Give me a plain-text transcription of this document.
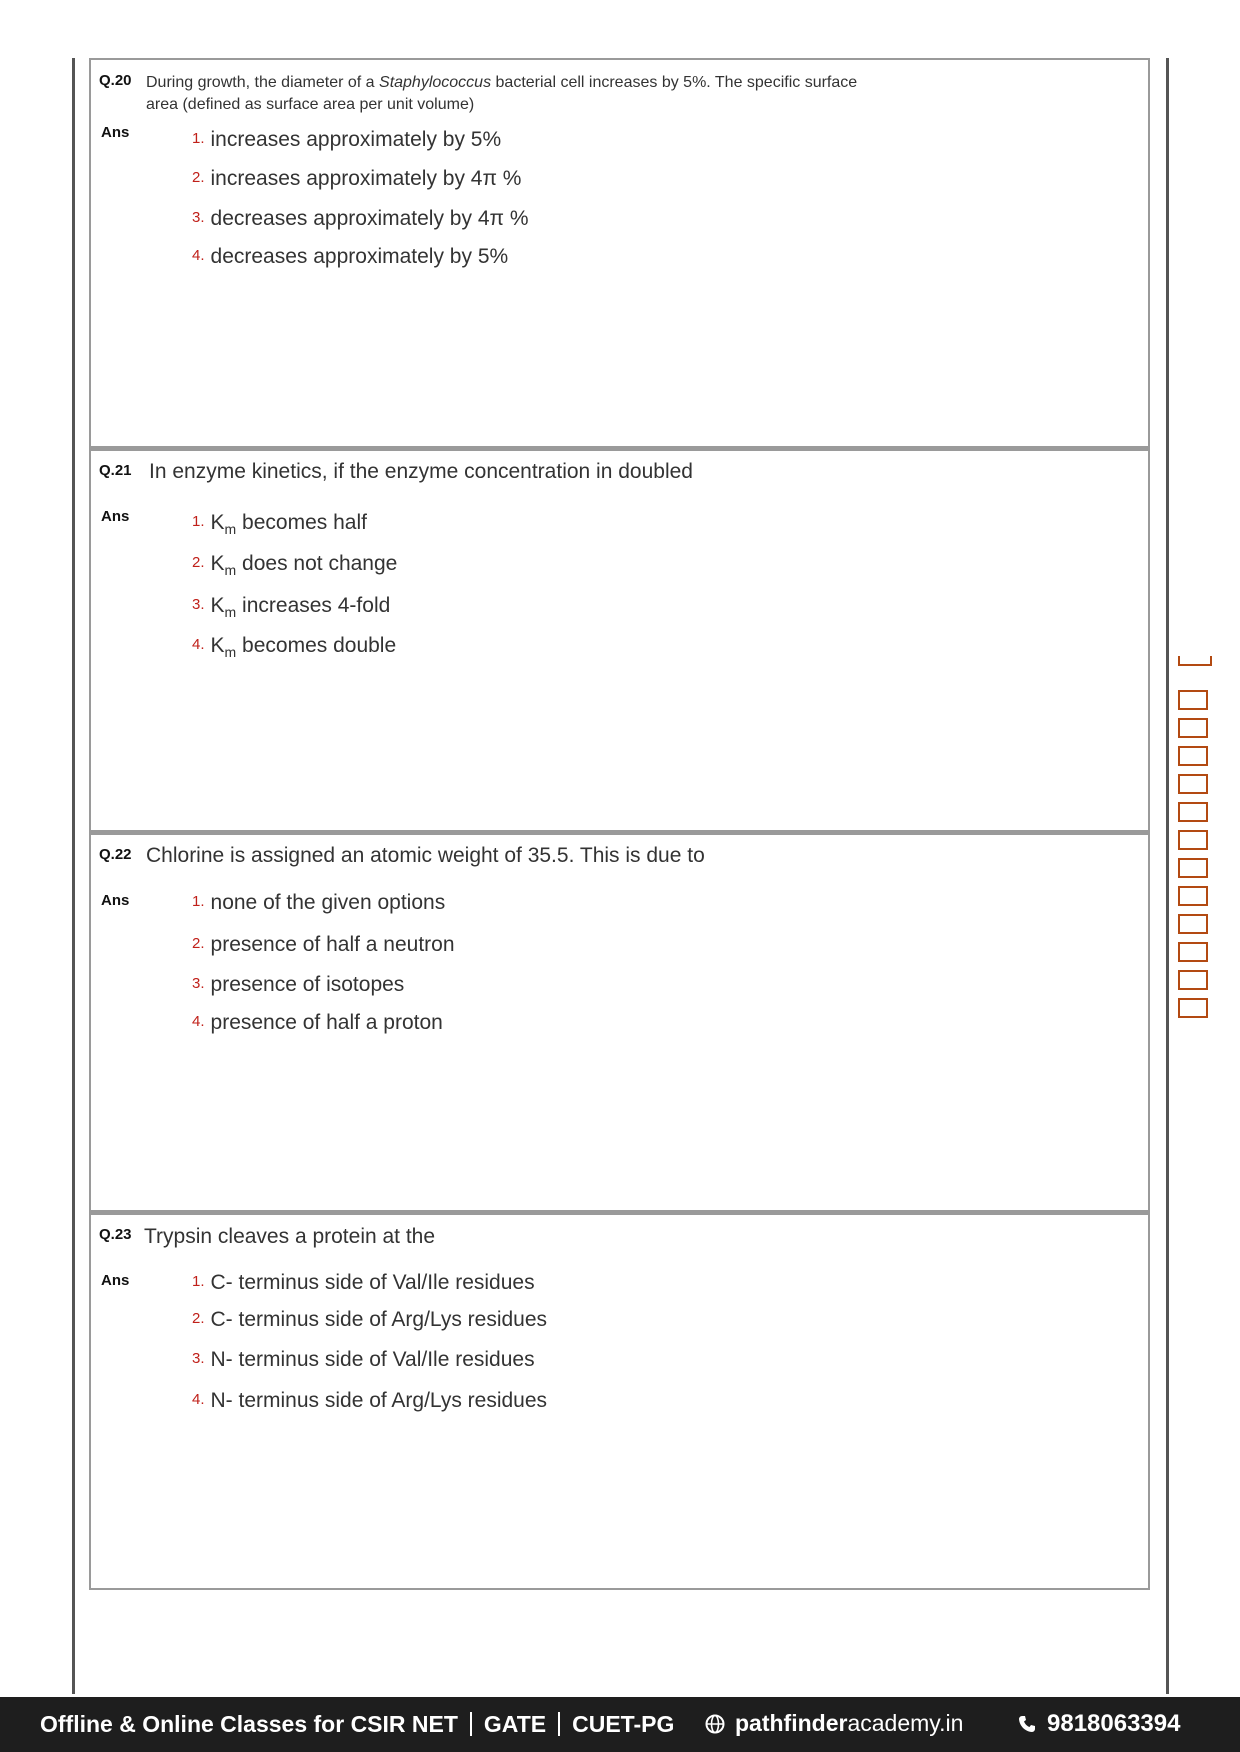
Q.20 During growth, the diameter of a Staphylococcus bacterial cell increases by 5%. The specific surface area (defined as surface area per unit volume)
Ans	1. increases approximately by 5%
2. increases approximately by 4π %
3. decreases approximately by 4π %
4. decreases approximately by 5%
Q.21 In enzyme kinetics, if the enzyme concentration in doubled
Ans	1. $K_m$ becomes half
2. $K_m$ does not change
3. $K_m$ increases 4-fold
4. $K_m$ becomes double
Q.22 Chlorine is assigned an atomic weight of 35.5. This is due to
Ans	1. none of the given options
2. presence of half a neutron
3. presence of isotopes
4. presence of half a proton
Q.23 Trypsin cleaves a protein at the
Ans	1. C- terminus side of Val/Ile residues
2. C- terminus side of Arg/Lys residues
3. N- terminus side of Val/Ile residues
4. N- terminus side of Arg/Lys residues
Offline & Online Classes for CSIR NET GATE CUET-PG	pathfinderacademy.in	9818063394
